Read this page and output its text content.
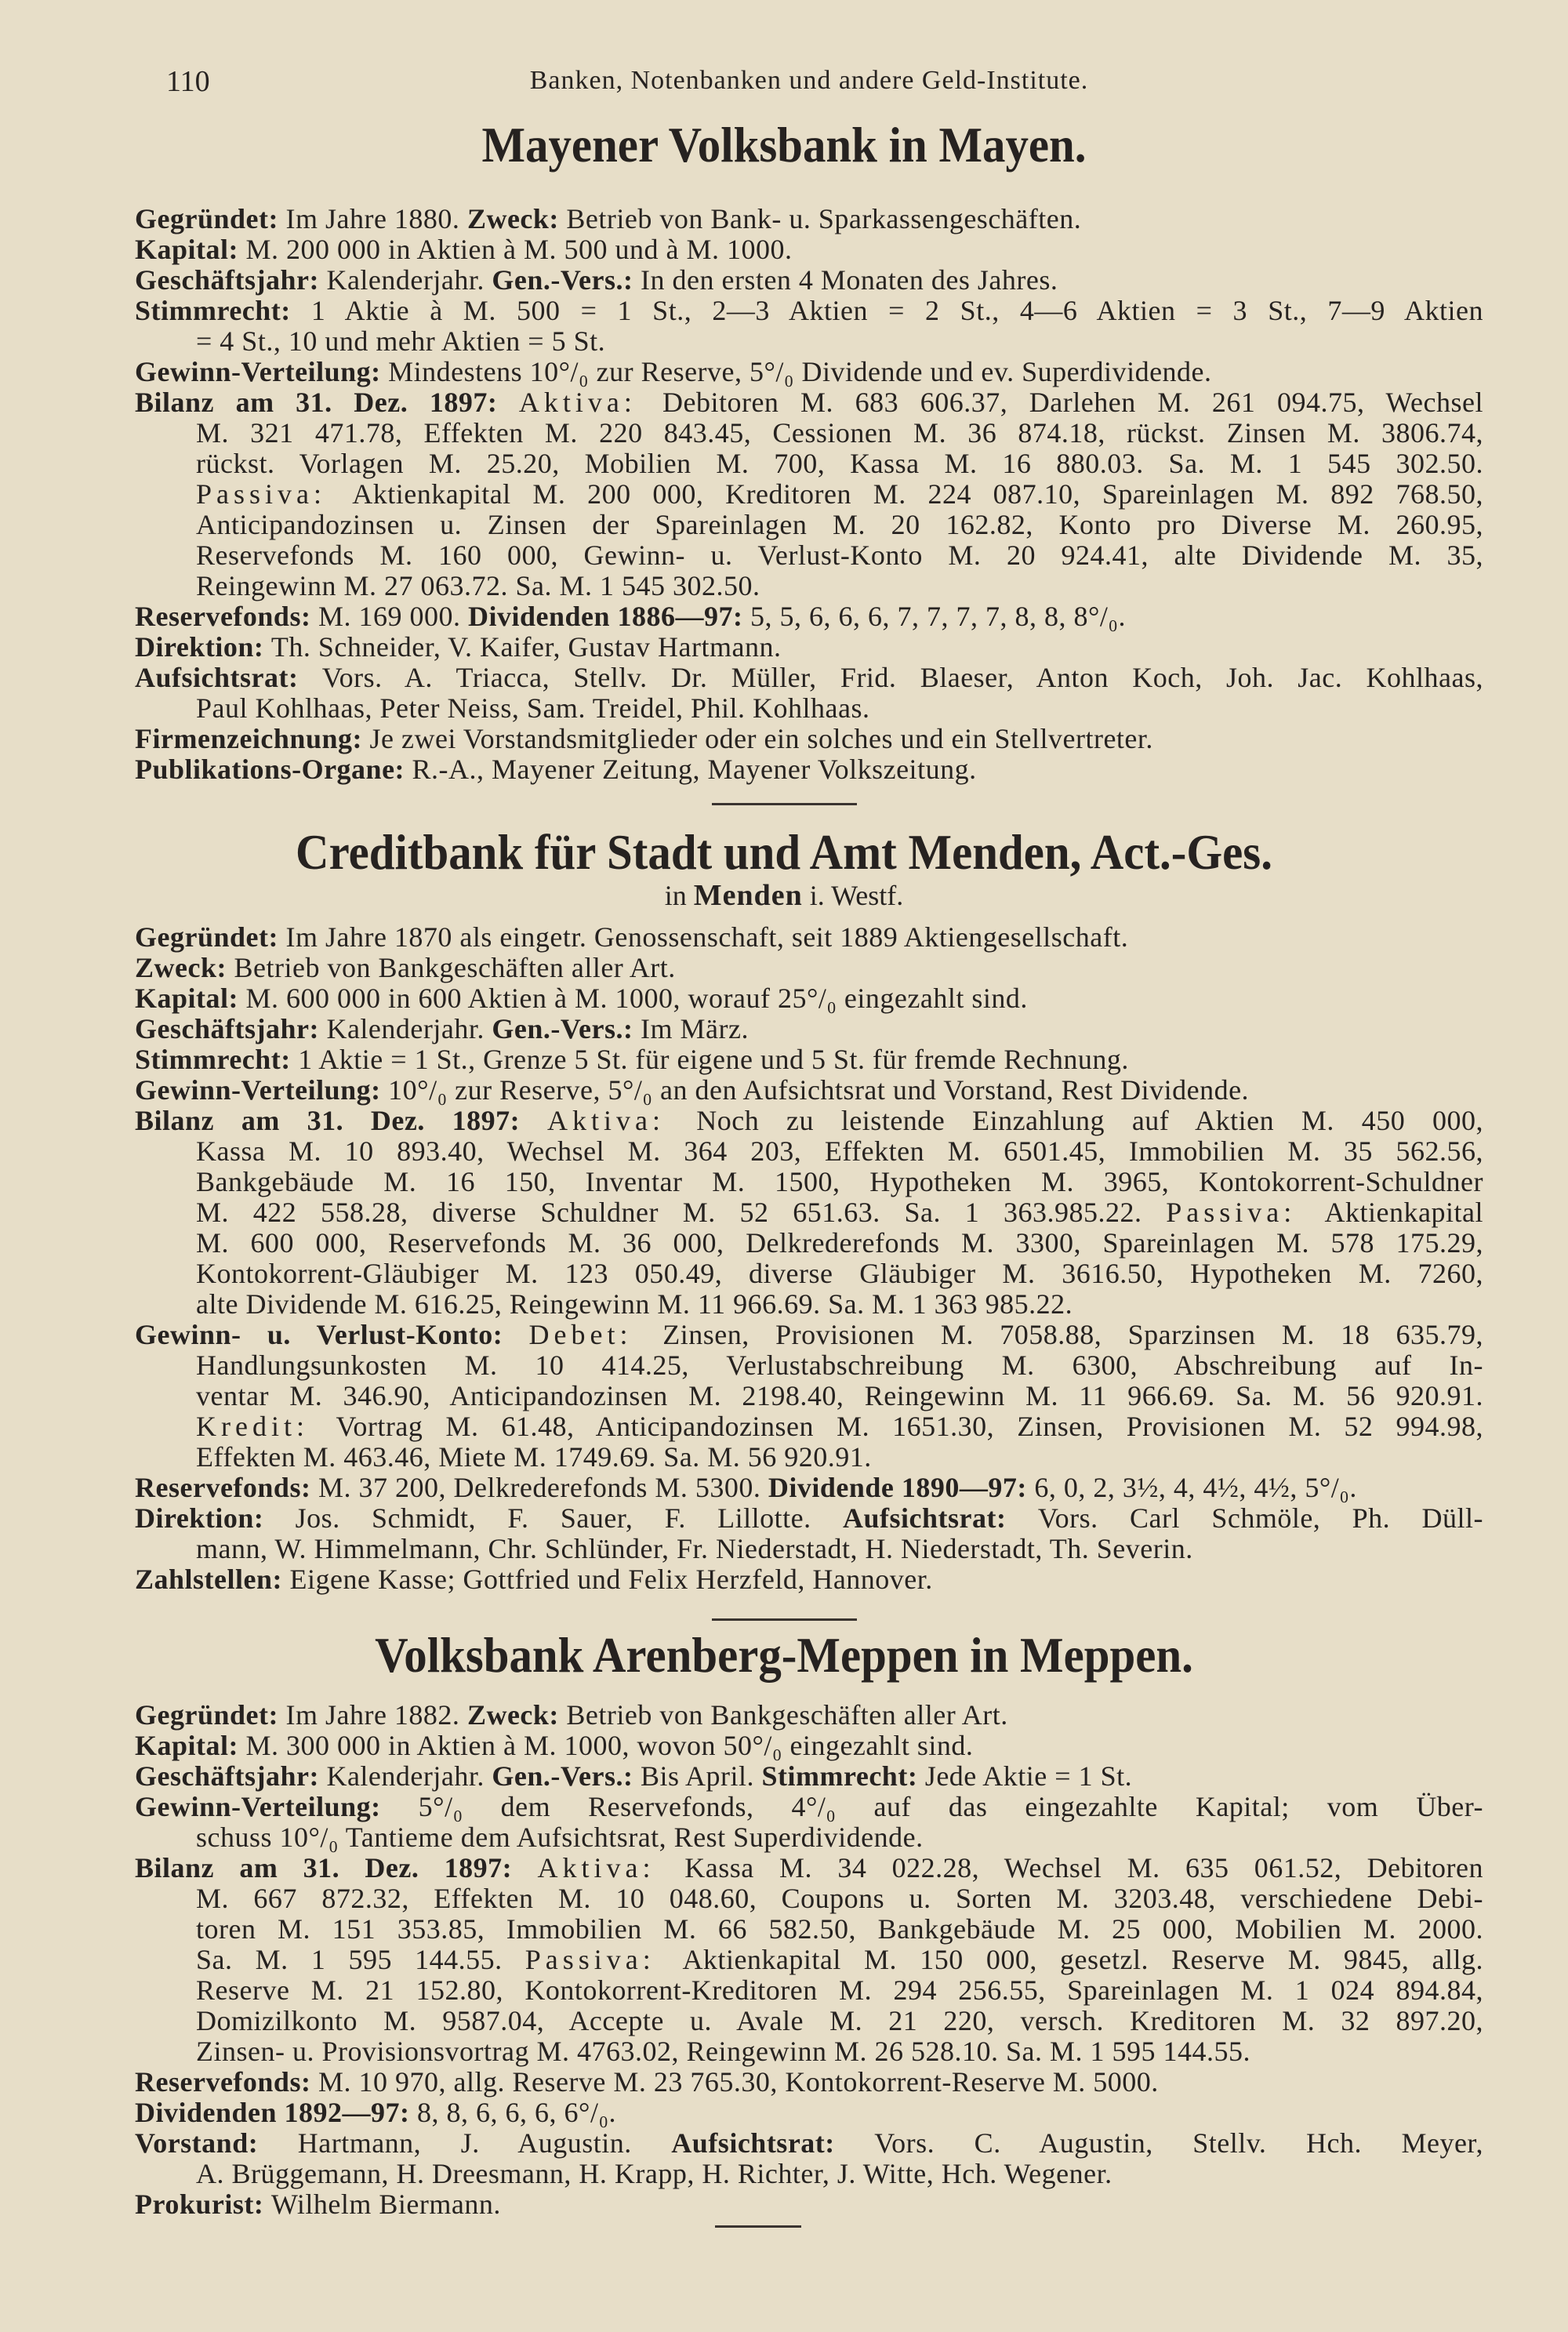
110	Banken, Notenbanken und andere Geld-Institute.
Mayener Volksbank in Mayen.
Gegründet: Im Jahre 1880. Zweck: Betrieb von Bank- u. Sparkassengeschäften.
Kapital: M. 200 000 in Aktien à M. 500 und à M. 1000.
Geschäftsjahr: Kalenderjahr. Gen.-Vers.: In den ersten 4 Monaten des Jahres.
Stimmrecht: 1 Aktie à M. 500 = 1 St., 2—3 Aktien = 2 St., 4—6 Aktien = 3 St., 7—9 Aktien
= 4 St., 10 und mehr Aktien = 5 St.
Gewinn-Verteilung: Mindestens 10°/₀ zur Reserve, 5°/₀ Dividende und ev. Superdividende.
Bilanz am 31. Dez. 1897: Aktiva: Debitoren M. 683 606.37, Darlehen M. 261 094.75, Wechsel
M. 321 471.78, Effekten M. 220 843.45, Cessionen M. 36 874.18, rückst. Zinsen M. 3806.74,
rückst. Vorlagen M. 25.20, Mobilien M. 700, Kassa M. 16 880.03. Sa. M. 1 545 302.50.
Passiva: Aktienkapital M. 200 000, Kreditoren M. 224 087.10, Spareinlagen M. 892 768.50,
Anticipandozinsen u. Zinsen der Spareinlagen M. 20 162.82, Konto pro Diverse M. 260.95,
Reservefonds M. 160 000, Gewinn- u. Verlust-Konto M. 20 924.41, alte Dividende M. 35,
Reingewinn M. 27 063.72. Sa. M. 1 545 302.50.
Reservefonds: M. 169 000. Dividenden 1886—97: 5, 5, 6, 6, 6, 7, 7, 7, 7, 8, 8, 8°/₀.
Direktion: Th. Schneider, V. Kaifer, Gustav Hartmann.
Aufsichtsrat: Vors. A. Triacca, Stellv. Dr. Müller, Frid. Blaeser, Anton Koch, Joh. Jac. Kohlhaas,
Paul Kohlhaas, Peter Neiss, Sam. Treidel, Phil. Kohlhaas.
Firmenzeichnung: Je zwei Vorstandsmitglieder oder ein solches und ein Stellvertreter.
Publikations-Organe: R.-A., Mayener Zeitung, Mayener Volkszeitung.
Creditbank für Stadt und Amt Menden, Act.-Ges.
in Menden i. Westf.
Gegründet: Im Jahre 1870 als eingetr. Genossenschaft, seit 1889 Aktiengesellschaft.
Zweck: Betrieb von Bankgeschäften aller Art.
Kapital: M. 600 000 in 600 Aktien à M. 1000, worauf 25°/₀ eingezahlt sind.
Geschäftsjahr: Kalenderjahr. Gen.-Vers.: Im März.
Stimmrecht: 1 Aktie = 1 St., Grenze 5 St. für eigene und 5 St. für fremde Rechnung.
Gewinn-Verteilung: 10°/₀ zur Reserve, 5°/₀ an den Aufsichtsrat und Vorstand, Rest Dividende.
Bilanz am 31. Dez. 1897: Aktiva: Noch zu leistende Einzahlung auf Aktien M. 450 000,
Kassa M. 10 893.40, Wechsel M. 364 203, Effekten M. 6501.45, Immobilien M. 35 562.56,
Bankgebäude M. 16 150, Inventar M. 1500, Hypotheken M. 3965, Kontokorrent-Schuldner
M. 422 558.28, diverse Schuldner M. 52 651.63. Sa. 1 363.985.22. Passiva: Aktienkapital
M. 600 000, Reservefonds M. 36 000, Delkrederefonds M. 3300, Spareinlagen M. 578 175.29,
Kontokorrent-Gläubiger M. 123 050.49, diverse Gläubiger M. 3616.50, Hypotheken M. 7260,
alte Dividende M. 616.25, Reingewinn M. 11 966.69. Sa. M. 1 363 985.22.
Gewinn- u. Verlust-Konto: Debet: Zinsen, Provisionen M. 7058.88, Sparzinsen M. 18 635.79,
Handlungsunkosten M. 10 414.25, Verlustabschreibung M. 6300, Abschreibung auf In-
ventar M. 346.90, Anticipandozinsen M. 2198.40, Reingewinn M. 11 966.69. Sa. M. 56 920.91.
Kredit: Vortrag M. 61.48, Anticipandozinsen M. 1651.30, Zinsen, Provisionen M. 52 994.98,
Effekten M. 463.46, Miete M. 1749.69. Sa. M. 56 920.91.
Reservefonds: M. 37 200, Delkrederefonds M. 5300. Dividende 1890—97: 6, 0, 2, 3½, 4, 4½, 4½, 5°/₀.
Direktion: Jos. Schmidt, F. Sauer, F. Lillotte. Aufsichtsrat: Vors. Carl Schmöle, Ph. Düll-
mann, W. Himmelmann, Chr. Schlünder, Fr. Niederstadt, H. Niederstadt, Th. Severin.
Zahlstellen: Eigene Kasse; Gottfried und Felix Herzfeld, Hannover.
Volksbank Arenberg-Meppen in Meppen.
Gegründet: Im Jahre 1882. Zweck: Betrieb von Bankgeschäften aller Art.
Kapital: M. 300 000 in Aktien à M. 1000, wovon 50°/₀ eingezahlt sind.
Geschäftsjahr: Kalenderjahr. Gen.-Vers.: Bis April. Stimmrecht: Jede Aktie = 1 St.
Gewinn-Verteilung: 5°/₀ dem Reservefonds, 4°/₀ auf das eingezahlte Kapital; vom Über-
schuss 10°/₀ Tantieme dem Aufsichtsrat, Rest Superdividende.
Bilanz am 31. Dez. 1897: Aktiva: Kassa M. 34 022.28, Wechsel M. 635 061.52, Debitoren
M. 667 872.32, Effekten M. 10 048.60, Coupons u. Sorten M. 3203.48, verschiedene Debi-
toren M. 151 353.85, Immobilien M. 66 582.50, Bankgebäude M. 25 000, Mobilien M. 2000.
Sa. M. 1 595 144.55. Passiva: Aktienkapital M. 150 000, gesetzl. Reserve M. 9845, allg.
Reserve M. 21 152.80, Kontokorrent-Kreditoren M. 294 256.55, Spareinlagen M. 1 024 894.84,
Domizilkonto M. 9587.04, Accepte u. Avale M. 21 220, versch. Kreditoren M. 32 897.20,
Zinsen- u. Provisionsvortrag M. 4763.02, Reingewinn M. 26 528.10. Sa. M. 1 595 144.55.
Reservefonds: M. 10 970, allg. Reserve M. 23 765.30, Kontokorrent-Reserve M. 5000.
Dividenden 1892—97: 8, 8, 6, 6, 6, 6°/₀.
Vorstand: Hartmann, J. Augustin. Aufsichtsrat: Vors. C. Augustin, Stellv. Hch. Meyer,
A. Brüggemann, H. Dreesmann, H. Krapp, H. Richter, J. Witte, Hch. Wegener.
Prokurist: Wilhelm Biermann.
